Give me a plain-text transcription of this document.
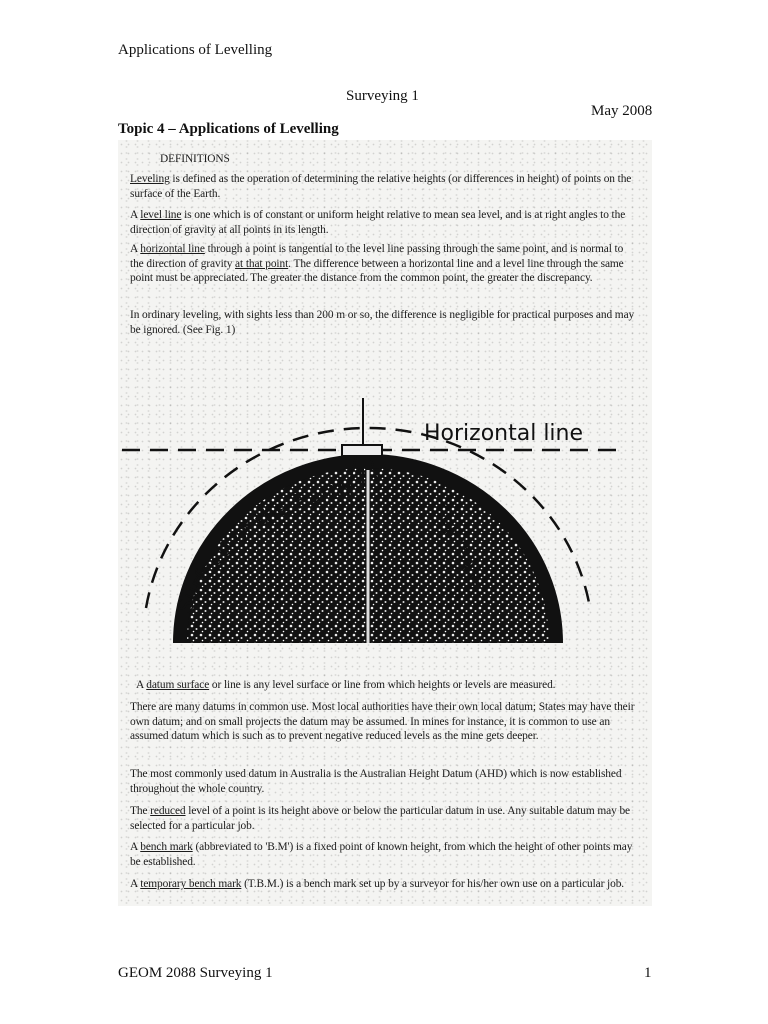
Applications of Levelling
Surveying 1
May 2008
Topic 4 – Applications of Levelling

DEFINITIONS

Leveling is defined as the operation of determining the relative heights (or differences in height) of points on the surface of the Earth.

A level line is one which is of constant or uniform height relative to mean sea level, and is at right angles to the direction of gravity at all points in its length.

A horizontal line through a point is tangential to the level line passing through the same point, and is normal to the direction of gravity at that point. The difference between a horizontal line and a level line through the same point must be appreciated. The greater the distance from the common point, the greater the discrepancy.

In ordinary leveling, with sights less than 200 m or so, the difference is negligible for practical purposes and may be ignored. (See Fig. 1)

Horizontal line
Level line
Surface of the Earth

A datum surface or line is any level surface or line from which heights or levels are measured.

There are many datums in common use. Most local authorities have their own local datum; States may have their own datum; and on small projects the datum may be assumed. In mines for instance, it is common to use an assumed datum which is such as to prevent negative reduced levels as the mine gets deeper.

The most commonly used datum in Australia is the Australian Height Datum (AHD) which is now established throughout the whole country.

The reduced level of a point is its height above or below the particular datum in use. Any suitable datum may be selected for a particular job.

A bench mark (abbreviated to 'B.M') is a fixed point of known height, from which the height of other points may be established.

A temporary bench mark (T.B.M.) is a bench mark set up by a surveyor for his/her own use on a particular job.

GEOM 2088 Surveying 1	1
